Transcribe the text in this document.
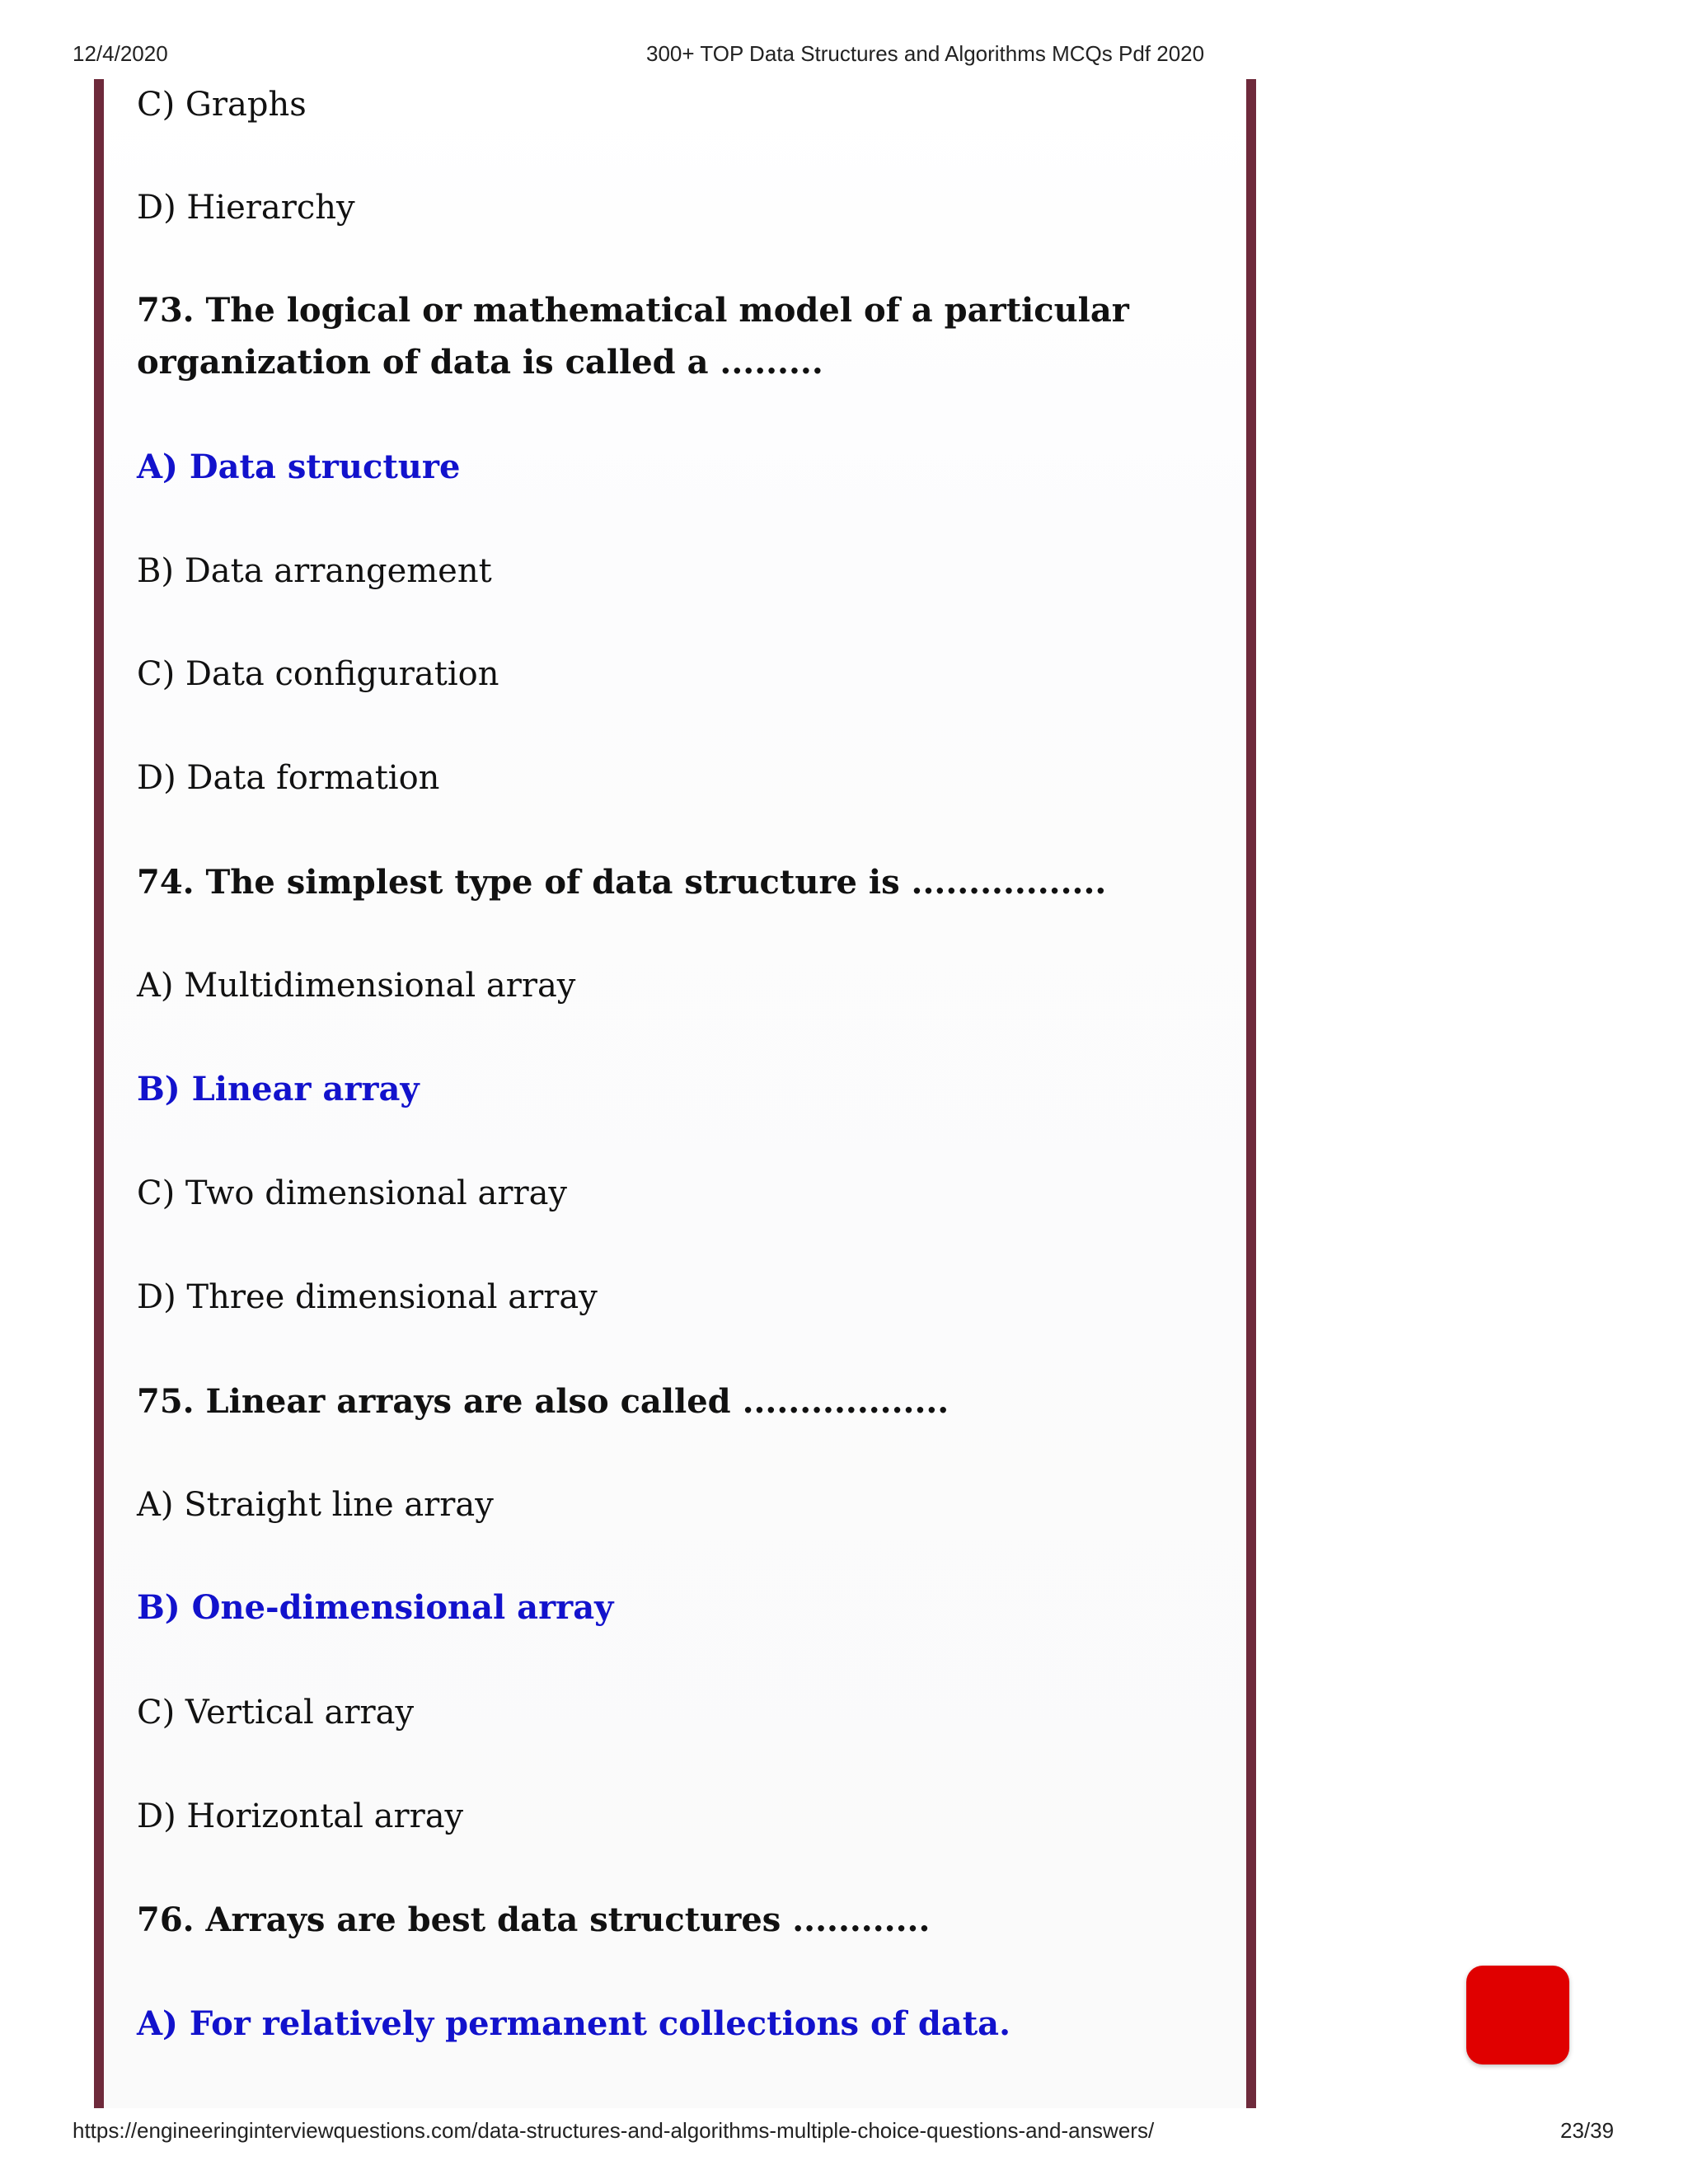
12/4/2020	300+ TOP Data Structures and Algorithms MCQs Pdf 2020
C) Graphs
D) Hierarchy
73. The logical or mathematical model of a particular
organization of data is called a .........
A) Data structure
B) Data arrangement
C) Data configuration
D) Data formation
74. The simplest type of data structure is .................
A) Multidimensional array
B) Linear array
C) Two dimensional array
D) Three dimensional array
75. Linear arrays are also called ..................
A) Straight line array
B) One-dimensional array
C) Vertical array
D) Horizontal array
76. Arrays are best data structures ............
A) For relatively permanent collections of data.
https://engineeringinterviewquestions.com/data-structures-and-algorithms-multiple-choice-questions-and-answers/	23/39
